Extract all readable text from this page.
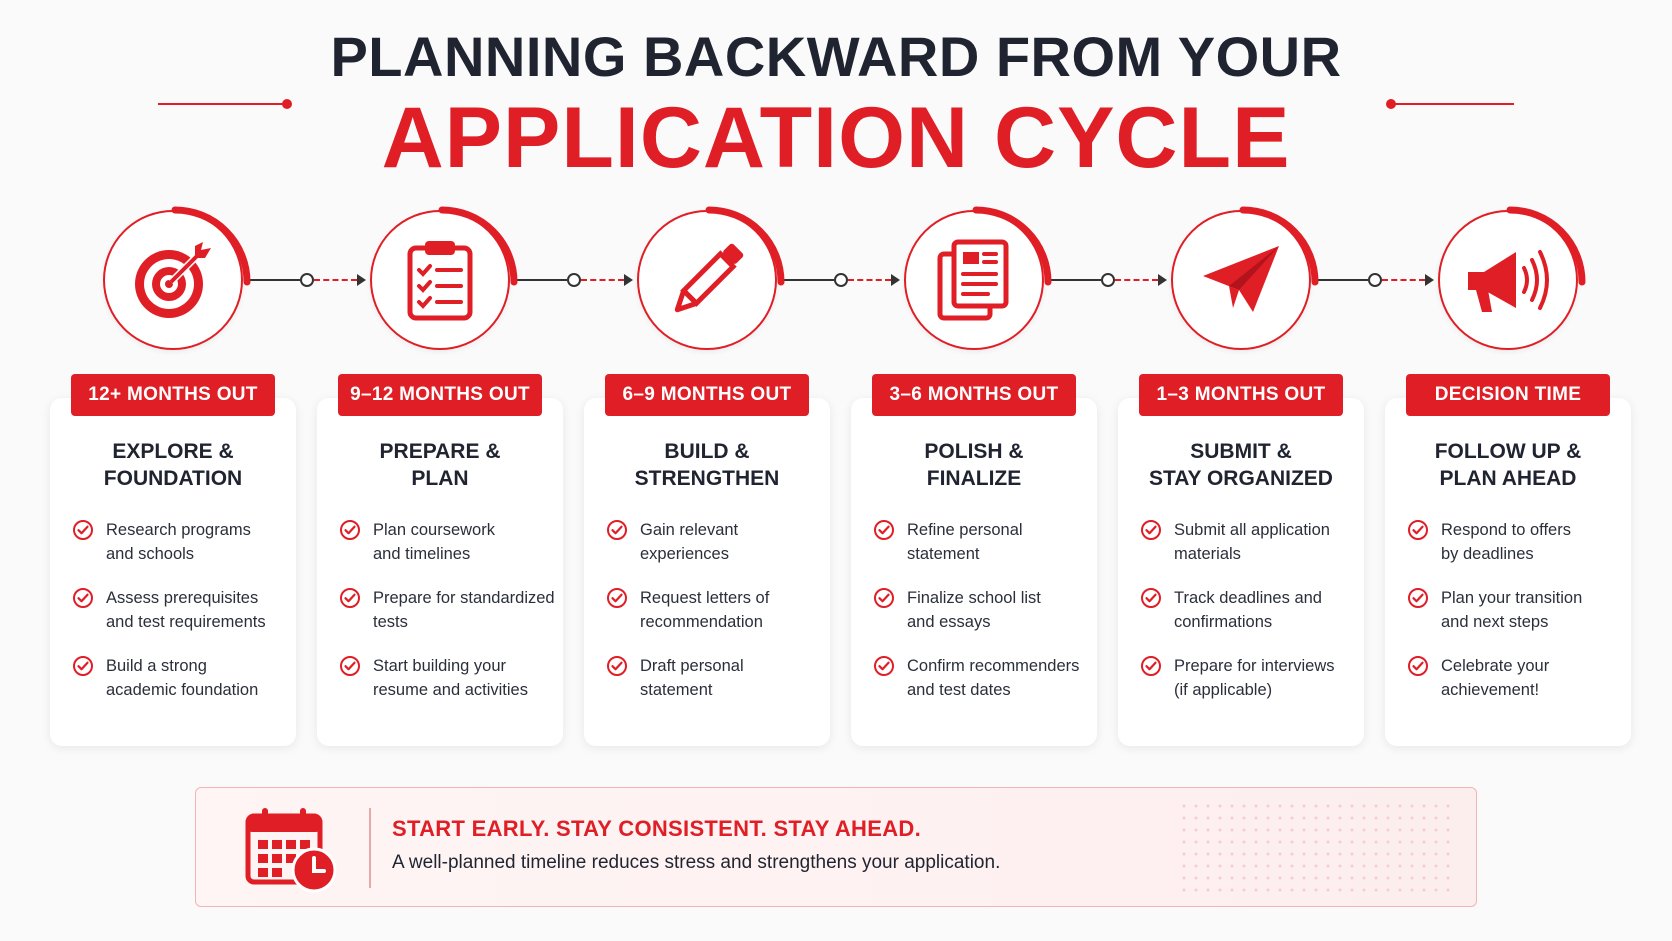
PLANNING BACKWARD FROM YOUR
APPLICATION CYCLE
EXPLORE &
FOUNDATION
Research programs
and schools
Assess prerequisites
and test requirements
Build a strong
academic foundation
12+ MONTHS OUT
PREPARE &
PLAN
Plan coursework
and timelines
Prepare for standardized
tests
Start building your
resume and activities
9–12 MONTHS OUT
BUILD &
STRENGTHEN
Gain relevant
experiences
Request letters of
recommendation
Draft personal
statement
6–9 MONTHS OUT
POLISH &
FINALIZE
Refine personal
statement
Finalize school list
and essays
Confirm recommenders
and test dates
3–6 MONTHS OUT
SUBMIT &
STAY ORGANIZED
Submit all application
materials
Track deadlines and
confirmations
Prepare for interviews
(if applicable)
1–3 MONTHS OUT
FOLLOW UP &
PLAN AHEAD
Respond to offers
by deadlines
Plan your transition
and next steps
Celebrate your
achievement!
DECISION TIME
START EARLY. STAY CONSISTENT. STAY AHEAD.
A well-planned timeline reduces stress and strengthens your application.
